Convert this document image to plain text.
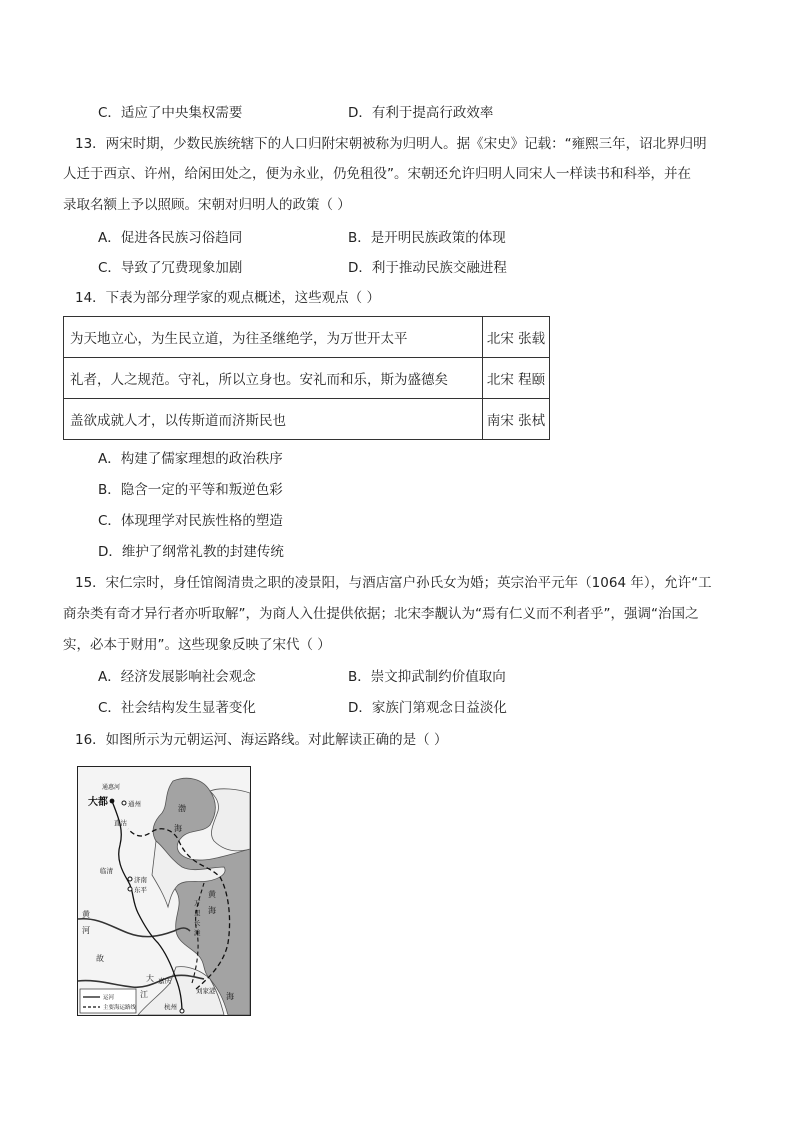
C．适应了中央集权需要	D．有利于提高行政效率
13．两宋时期，少数民族统辖下的人口归附宋朝被称为归明人。据《宋史》记载：“雍熙三年，诏北界归明
人迁于西京、许州，给闲田处之，便为永业，仍免租役”。宋朝还允许归明人同宋人一样读书和科举，并在
录取名额上予以照顾。宋朝对归明人的政策（ ）
A．促进各民族习俗趋同	B．是开明民族政策的体现
C．导致了冗费现象加剧	D．利于推动民族交融进程
14．下表为部分理学家的观点概述，这些观点（ ）
为天地立心，为生民立道，为往圣继绝学，为万世开太平	北宋 张载
礼者，人之规范。守礼，所以立身也。安礼而和乐，斯为盛德矣	北宋 程颐
盖欲成就人才，以传斯道而济斯民也	南宋 张栻
A．构建了儒家理想的政治秩序
B．隐含一定的平等和叛逆色彩
C．体现理学对民族性格的塑造
D．维护了纲常礼教的封建传统
15．宋仁宗时，身任馆阁清贵之职的凌景阳，与酒店富户孙氏女为婚；英宗治平元年（1064 年），允许“工
商杂类有奇才异行者亦听取解”，为商人入仕提供依据；北宋李觏认为“焉有仁义而不利者乎”，强调“治国之
实，必本于财用”。这些现象反映了宋代（ ）
A．经济发展影响社会观念	B．崇文抑武制约价值取向
C．社会结构发生显著变化	D．家族门第观念日益淡化
16．如图所示为元朝运河、海运路线。对此解读正确的是（ ）
通惠河
大都	通州
直沽
渤
海
临清
济南
东平
黄
河
故
万
里
长
滩
黄
海
大
江
嘉庆
刘家港
杭州
海
运河
主要海运路线
